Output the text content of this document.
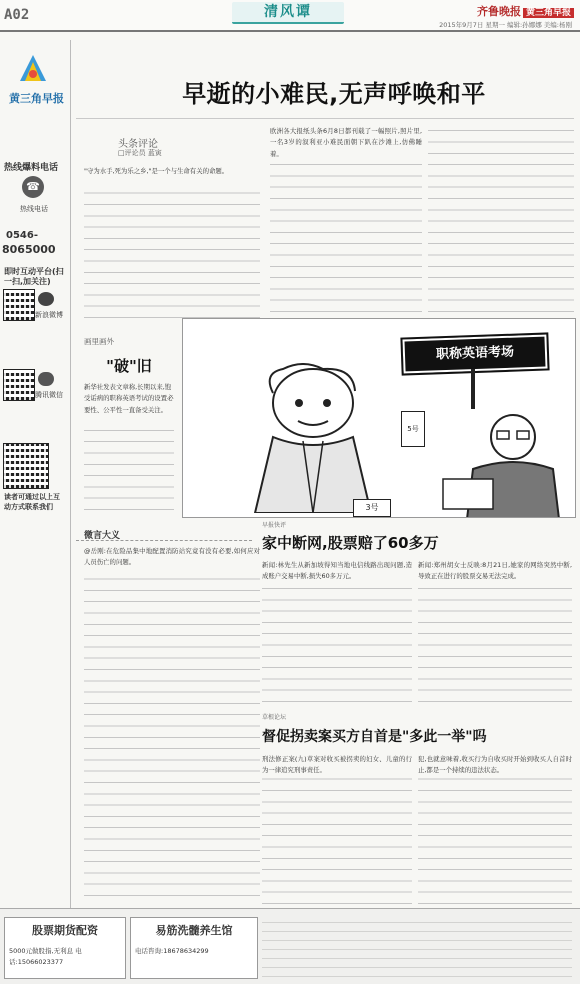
A02	清风谭	齐鲁晚报 黄三角早报
2015年9月7日 星期一 编辑:孙娜娜 美编:杨刚
黄三角早报
热线爆料电话
☎
热线电话
0546-
8065000
即时互动平台(扫一扫,加关注)
新浪微博
腾讯微信
读者可通过以上互动方式联系我们
早逝的小难民,无声呼唤和平
头条评论
□评论员 蓝寅
"守为水手,死为乐之乡,"是一个与生命有关的命题。
欧洲各大报纸头条6月8日都刊载了一幅照片,照片里,一名3岁的叙利亚小难民面朝下趴在沙滩上,仿佛睡着。
画里画外
"破"旧
新华社发表文章称,长期以来,饱受诟病的职称英语考试的设置必要性、公平性一直备受关注。
职称英语考场
5号
3号
微言大义
@岳刚:在危险品集中地配置消防站究竟有没有必要,如何应对人员伤亡的问题。
早报快评
家中断网,股票赔了60多万
新闻:林先生从新加坡得知当地电信线路出现问题,造成账户交易中断,损失60多万元。
新闻:郑州胡女士反映:8月21日,她家的网络突然中断,导致正在进行的股票交易无法完成。
草根论坛
督促拐卖案买方自首是"多此一举"吗
刑法修正案(九)草案对收买被拐卖的妇女、儿童的行为一律追究刑事责任。
犯,也就意味着,收买行为自收买时开始到收买人自首时止,都是一个持续的违法状态。
股票期货配资
5000元做股指,无利息 电话:15066023377
易筋洗髓养生馆
电话咨询:18678634299
